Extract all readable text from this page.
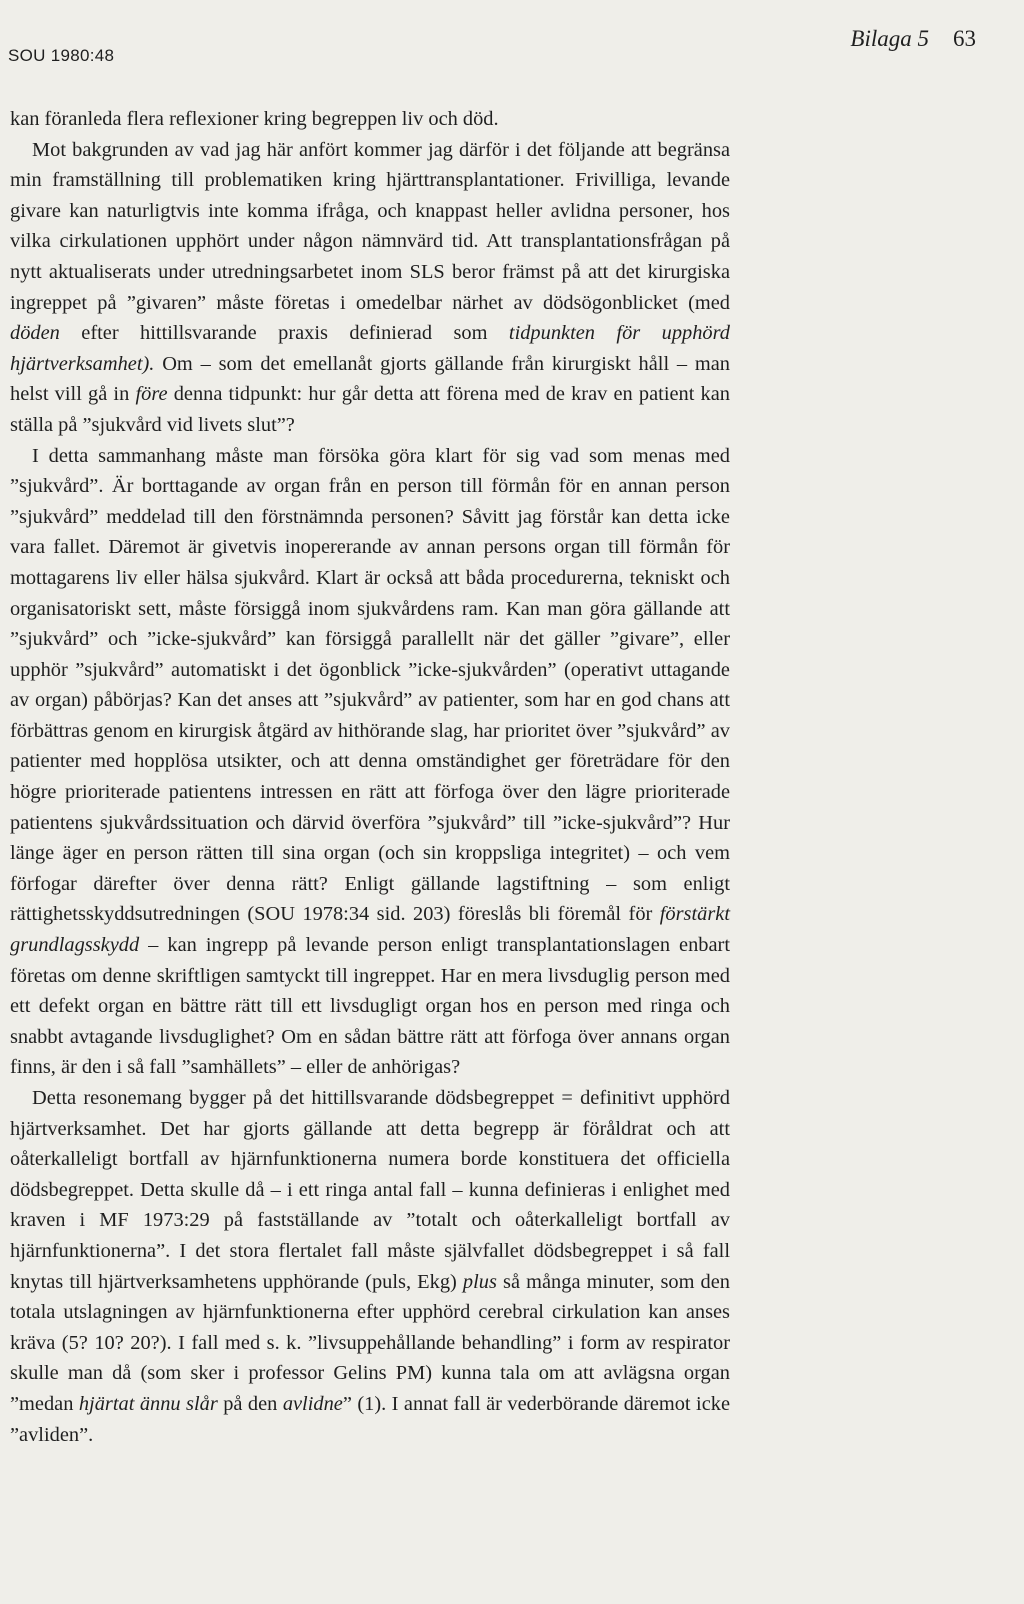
SOU 1980:48
Bilaga 5 63

kan föranleda flera reflexioner kring begreppen liv och död.

Mot bakgrunden av vad jag här anfört kommer jag därför i det följande att begränsa min framställning till problematiken kring hjärttransplantationer. Frivilliga, levande givare kan naturligtvis inte komma ifråga, och knappast heller avlidna personer, hos vilka cirkulationen upphört under någon nämnvärd tid. Att transplantationsfrågan på nytt aktualiserats under utredningsarbetet inom SLS beror främst på att det kirurgiska ingreppet på ”givaren” måste företas i omedelbar närhet av dödsögonblicket (med döden efter hittillsvarande praxis definierad som tidpunkten för upphörd hjärtverksamhet). Om – som det emellanåt gjorts gällande från kirurgiskt håll – man helst vill gå in före denna tidpunkt: hur går detta att förena med de krav en patient kan ställa på ”sjukvård vid livets slut”?

I detta sammanhang måste man försöka göra klart för sig vad som menas med ”sjukvård”. Är borttagande av organ från en person till förmån för en annan person ”sjukvård” meddelad till den förstnämnda personen? Såvitt jag förstår kan detta icke vara fallet. Däremot är givetvis inopererande av annan persons organ till förmån för mottagarens liv eller hälsa sjukvård. Klart är också att båda procedurerna, tekniskt och organisatoriskt sett, måste försiggå inom sjukvårdens ram. Kan man göra gällande att ”sjukvård” och ”icke-sjukvård” kan försiggå parallellt när det gäller ”givare”, eller upphör ”sjukvård” automatiskt i det ögonblick ”icke-sjukvården” (operativt uttagande av organ) påbörjas? Kan det anses att ”sjukvård” av patienter, som har en god chans att förbättras genom en kirurgisk åtgärd av hithörande slag, har prioritet över ”sjukvård” av patienter med hopplösa utsikter, och att denna omständighet ger företrädare för den högre prioriterade patientens intressen en rätt att förfoga över den lägre prioriterade patientens sjukvårdssituation och därvid överföra ”sjukvård” till ”icke-sjukvård”? Hur länge äger en person rätten till sina organ (och sin kroppsliga integritet) – och vem förfogar därefter över denna rätt? Enligt gällande lagstiftning – som enligt rättighetsskyddsutredningen (SOU 1978:34 sid. 203) föreslås bli föremål för förstärkt grundlagsskydd – kan ingrepp på levande person enligt transplantationslagen enbart företas om denne skriftligen samtyckt till ingreppet. Har en mera livsduglig person med ett defekt organ en bättre rätt till ett livsdugligt organ hos en person med ringa och snabbt avtagande livsduglighet? Om en sådan bättre rätt att förfoga över annans organ finns, är den i så fall ”samhällets” – eller de anhörigas?

Detta resonemang bygger på det hittillsvarande dödsbegreppet = definitivt upphörd hjärtverksamhet. Det har gjorts gällande att detta begrepp är föråldrat och att oåterkalleligt bortfall av hjärnfunktionerna numera borde konstituera det officiella dödsbegreppet. Detta skulle då – i ett ringa antal fall – kunna definieras i enlighet med kraven i MF 1973:29 på fastställande av ”totalt och oåterkalleligt bortfall av hjärnfunktionerna”. I det stora flertalet fall måste självfallet dödsbegreppet i så fall knytas till hjärtverksamhetens upphörande (puls, Ekg) plus så många minuter, som den totala utslagningen av hjärnfunktionerna efter upphörd cerebral cirkulation kan anses kräva (5? 10? 20?). I fall med s. k. ”livsuppehållande behandling” i form av respirator skulle man då (som sker i professor Gelins PM) kunna tala om att avlägsna organ ”medan hjärtat ännu slår på den avlidne” (1). I annat fall är vederbörande däremot icke ”avliden”.
